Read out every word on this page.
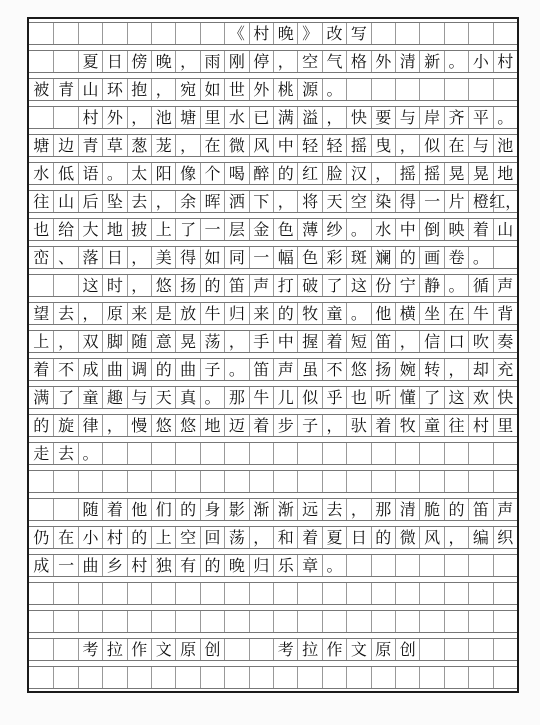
《 村 晚 》 改 写
夏 日 傍 晚 ， 雨 刚 停 ， 空 气 格 外 清 新 。 小 村
被 青 山 环 抱 ， 宛 如 世 外 桃 源 。
村 外 ， 池 塘 里 水 已 满 溢 ， 快 要 与 岸 齐 平 。
塘 边 青 草 葱 茏 ， 在 微 风 中 轻 轻 摇 曳 ， 似 在 与 池
水 低 语 。 太 阳 像 个 喝 醉 的 红 脸 汉 ， 摇 摇 晃 晃 地
往 山 后 坠 去 ， 余 晖 洒 下 ， 将 天 空 染 得 一 片 橙 红，
也 给 大 地 披 上 了 一 层 金 色 薄 纱 。 水 中 倒 映 着 山
峦 、 落 日 ， 美 得 如 同 一 幅 色 彩 斑 斓 的 画 卷 。
这 时 ， 悠 扬 的 笛 声 打 破 了 这 份 宁 静 。 循 声
望 去 ， 原 来 是 放 牛 归 来 的 牧 童 。 他 横 坐 在 牛 背
上 ， 双 脚 随 意 晃 荡 ， 手 中 握 着 短 笛 ， 信 口 吹 奏
着 不 成 曲 调 的 曲 子 。 笛 声 虽 不 悠 扬 婉 转 ， 却 充
满 了 童 趣 与 天 真 。 那 牛 儿 似 乎 也 听 懂 了 这 欢 快
的 旋 律 ， 慢 悠 悠 地 迈 着 步 子 ， 驮 着 牧 童 往 村 里
走 去 。
随 着 他 们 的 身 影 渐 渐 远 去 ， 那 清 脆 的 笛 声
仍 在 小 村 的 上 空 回 荡 ， 和 着 夏 日 的 微 风 ， 编 织
成 一 曲 乡 村 独 有 的 晚 归 乐 章 。
考 拉 作 文 原 创	考 拉 作 文 原 创
